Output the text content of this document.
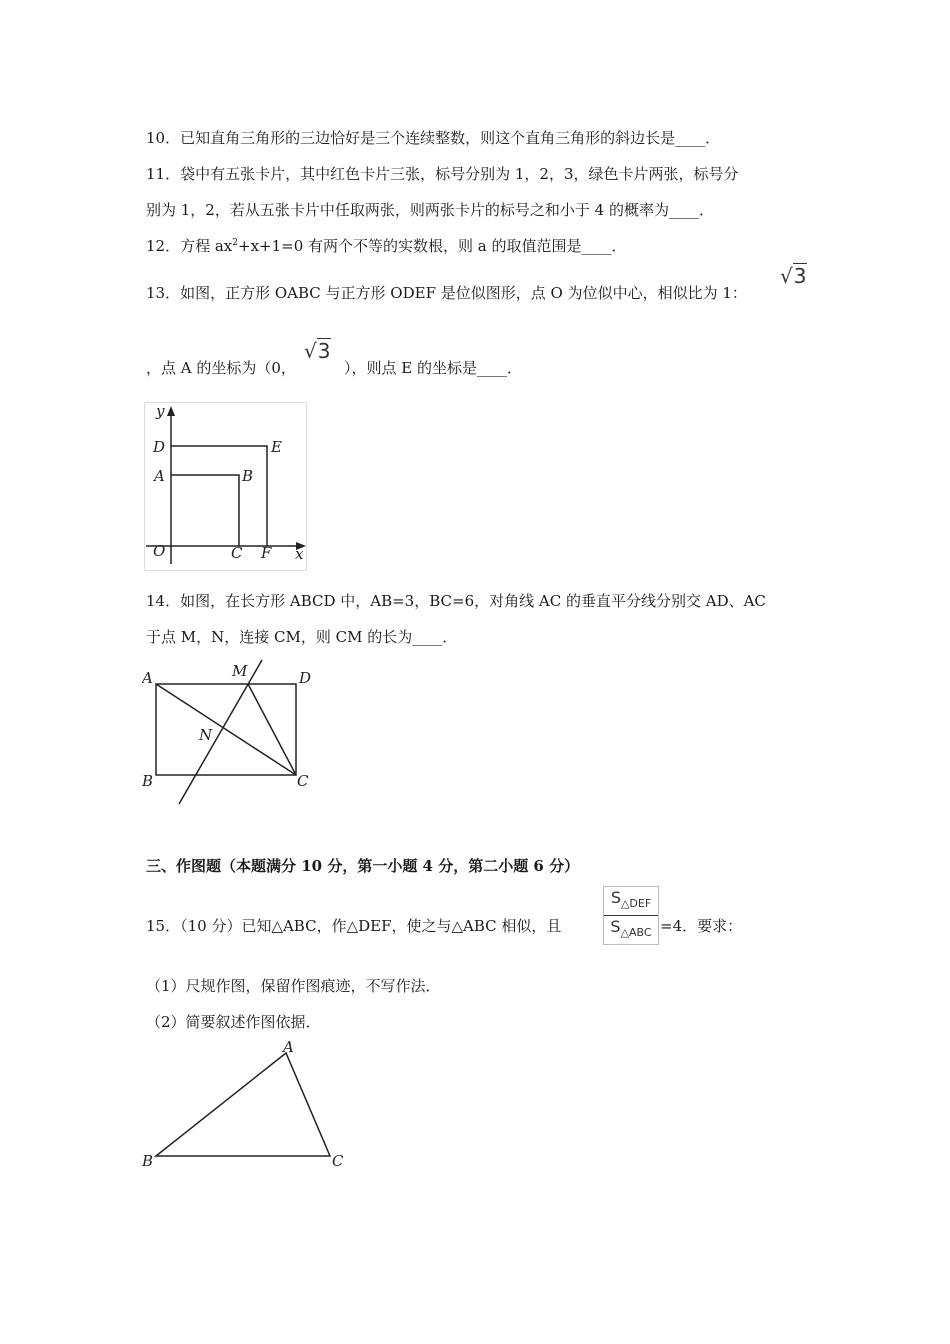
10．已知直角三角形的三边恰好是三个连续整数，则这个直角三角形的斜边长是____．
11．袋中有五张卡片，其中红色卡片三张，标号分别为 1，2，3，绿色卡片两张，标号分
别为 1，2，若从五张卡片中任取两张，则两张卡片的标号之和小于 4 的概率为____．
12．方程 $ax^2+x+1=0$ 有两个不等的实数根，则 a 的取值范围是____．
13．如图，正方形 OABC 与正方形 ODEF 是位似图形，点 O 为位似中心，相似比为 1：
√3
，点 A 的坐标为（0，
√3
），则点 E 的坐标是____．
y
D	E
A	B
O	C F x
14．如图，在长方形 ABCD 中，AB=3，BC=6，对角线 AC 的垂直平分线分别交 AD、AC
于点 M，N，连接 CM，则 CM 的长为____．
A	M	D
N
B	C
三、作图题（本题满分 10 分，第一小题 4 分，第二小题 6 分）
15．（10 分）已知△ABC，作△DEF，使之与△ABC 相似，且
$S_{\triangle DEF}$
$S_{\triangle ABC} =4$．要求：
（1）尺规作图，保留作图痕迹，不写作法．
（2）简要叙述作图依据．
A
B	C
